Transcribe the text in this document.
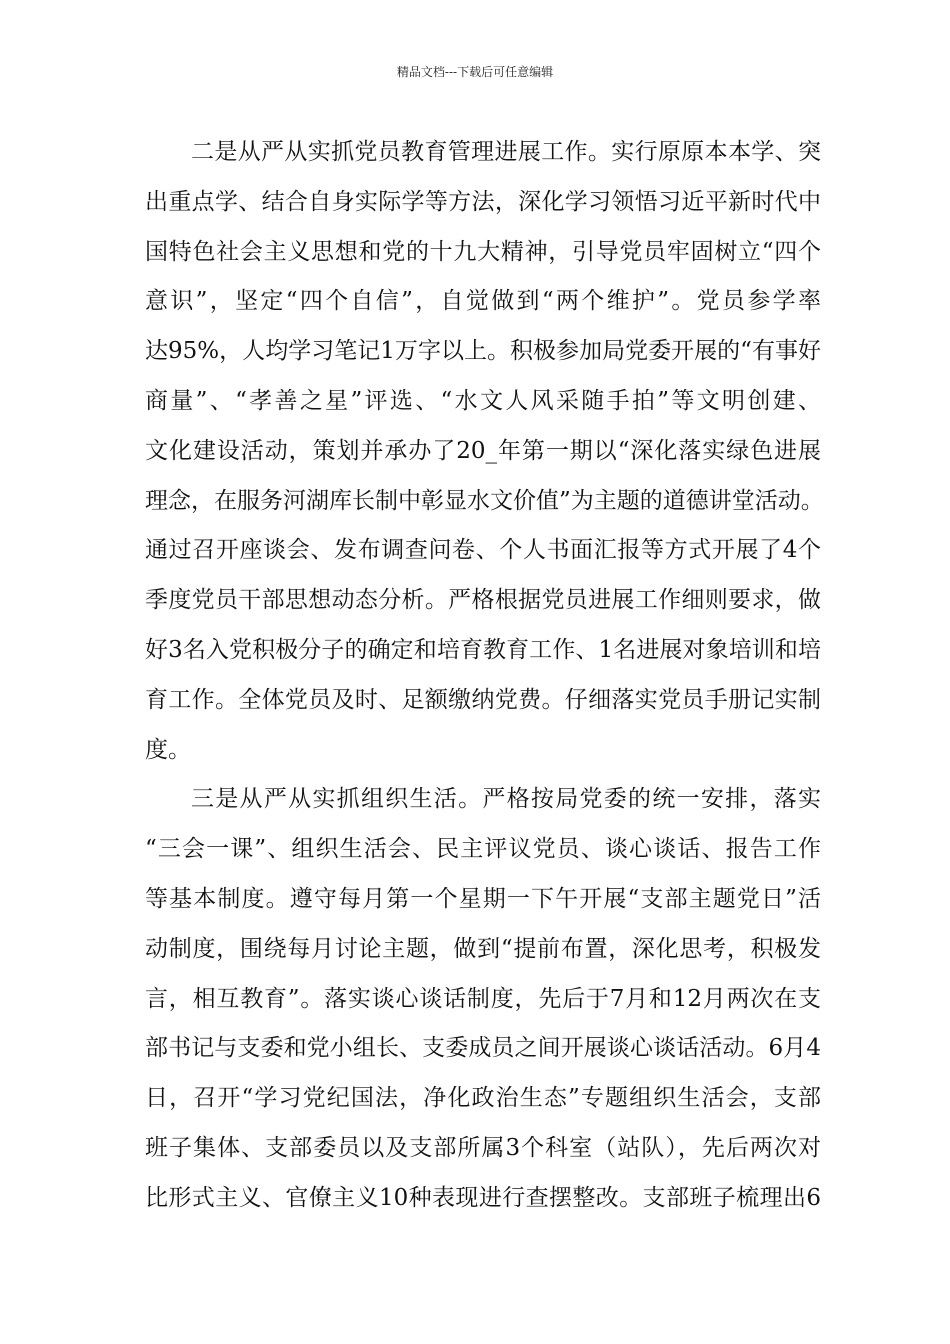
精品文档---下载后可任意编辑
二是从严从实抓党员教育管理进展工作。实行原原本本学、突
出重点学、结合自身实际学等方法，深化学习领悟习近平新时代中
国特色社会主义思想和党的十九大精神，引导党员牢固树立“四个
意识”，坚定“四个自信”，自觉做到“两个维护”。党员参学率
达95%，人均学习笔记1万字以上。积极参加局党委开展的“有事好
商量”、“孝善之星”评选、“水文人风采随手拍”等文明创建、
文化建设活动，策划并承办了20_年第一期以“深化落实绿色进展
理念，在服务河湖库长制中彰显水文价值”为主题的道德讲堂活动。
通过召开座谈会、发布调查问卷、个人书面汇报等方式开展了4个
季度党员干部思想动态分析。严格根据党员进展工作细则要求，做
好3名入党积极分子的确定和培育教育工作、1名进展对象培训和培
育工作。全体党员及时、足额缴纳党费。仔细落实党员手册记实制
度。
三是从严从实抓组织生活。严格按局党委的统一安排，落实
“三会一课”、组织生活会、民主评议党员、谈心谈话、报告工作
等基本制度。遵守每月第一个星期一下午开展“支部主题党日”活
动制度，围绕每月讨论主题，做到“提前布置，深化思考，积极发
言，相互教育”。落实谈心谈话制度，先后于7月和12月两次在支
部书记与支委和党小组长、支委成员之间开展谈心谈话活动。6月4
日，召开“学习党纪国法，净化政治生态”专题组织生活会，支部
班子集体、支部委员以及支部所属3个科室（站队），先后两次对
比形式主义、官僚主义10种表现进行查摆整改。支部班子梳理出6
